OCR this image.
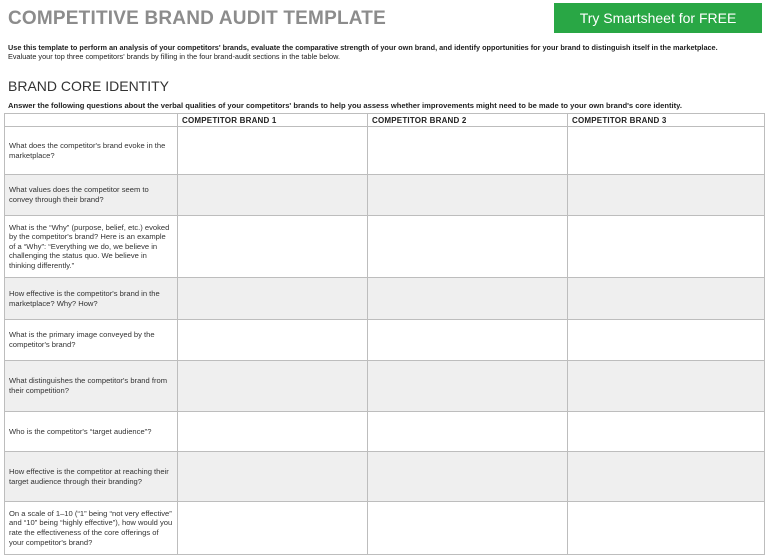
COMPETITIVE BRAND AUDIT TEMPLATE	Try Smartsheet for FREE
Use this template to perform an analysis of your competitors' brands, evaluate the comparative strength of your own brand, and identify opportunities for your brand to distinguish itself in the marketplace.
Evaluate your top three competitors' brands by filling in the four brand-audit sections in the table below.
BRAND CORE IDENTITY
Answer the following questions about the verbal qualities of your competitors' brands to help you assess whether improvements might need to be made to your own brand's core identity.
	COMPETITOR BRAND 1	COMPETITOR BRAND 2	COMPETITOR BRAND 3
What does the competitor's brand evoke in the marketplace?			
What values does the competitor seem to convey through their brand?			
What is the “Why” (purpose, belief, etc.) evoked by the competitor's brand? Here is an example of a “Why”: “Everything we do, we believe in challenging the status quo. We believe in thinking differently.”			
How effective is the competitor's brand in the marketplace? Why? How?			
What is the primary image conveyed by the competitor's brand?			
What distinguishes the competitor's brand from their competition?			
Who is the competitor's “target audience”?			
How effective is the competitor at reaching their target audience through their branding?			
On a scale of 1–10 (“1” being “not very effective” and “10” being “highly effective”), how would you rate the effectiveness of the core offerings of your competitor's brand?			
